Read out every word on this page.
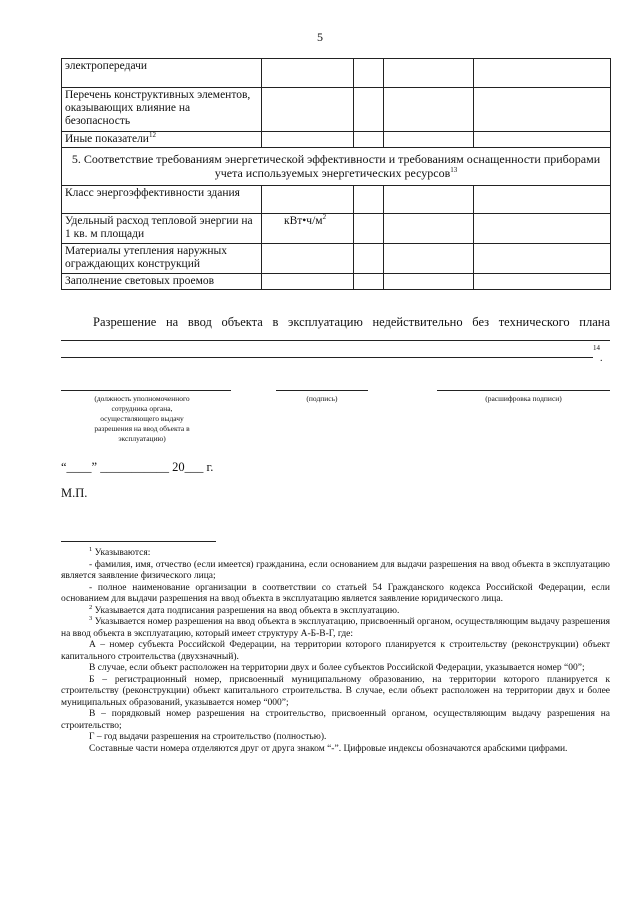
5
электропередачи				
Перечень конструктивных элементов, оказывающих влияние на безопасность				
Иные показатели$^{12}$				
5. Соответствие требованиям энергетической эффективности и требованиям оснащенности приборами учета используемых энергетических ресурсов$^{13}$
Класс энергоэффективности здания				
Удельный расход тепловой энергии на 1 кв. м площади	$кВт•ч/м^2$			
Материалы утепления наружных ограждающих конструкций				
Заполнение световых проемов				
Разрешение на ввод объекта в эксплуатацию недействительно без технического плана
14
.
(должность уполномоченного сотрудника органа, осуществляющего выдачу разрешения на ввод объекта в эксплуатацию)
(подпись)	(расшифровка подписи)
“____” ___________ 20___ г.
М.П.

$^1$ Указываются:

- фамилия, имя, отчество (если имеется) гражданина, если основанием для выдачи разрешения на ввод объекта в эксплуатацию является заявление физического лица;

- полное наименование организации в соответствии со статьей 54 Гражданского кодекса Российской Федерации, если основанием для выдачи разрешения на ввод объекта в эксплуатацию является заявление юридического лица.

$^2$ Указывается дата подписания разрешения на ввод объекта в эксплуатацию.

$^3$ Указывается номер разрешения на ввод объекта в эксплуатацию, присвоенный органом, осуществляющим выдачу разрешения на ввод объекта в эксплуатацию, который имеет структуру А-Б-В-Г, где:

А – номер субъекта Российской Федерации, на территории которого планируется к строительству (реконструкции) объект капитального строительства (двухзначный).

В случае, если объект расположен на территории двух и более субъектов Российской Федерации, указывается номер “00”;

Б – регистрационный номер, присвоенный муниципальному образованию, на территории которого планируется к строительству (реконструкции) объект капитального строительства. В случае, если объект расположен на территории двух и более муниципальных образований, указывается номер “000”;

В – порядковый номер разрешения на строительство, присвоенный органом, осуществляющим выдачу разрешения на строительство;

Г – год выдачи разрешения на строительство (полностью).

Составные части номера отделяются друг от друга знаком “-”. Цифровые индексы обозначаются арабскими цифрами.
